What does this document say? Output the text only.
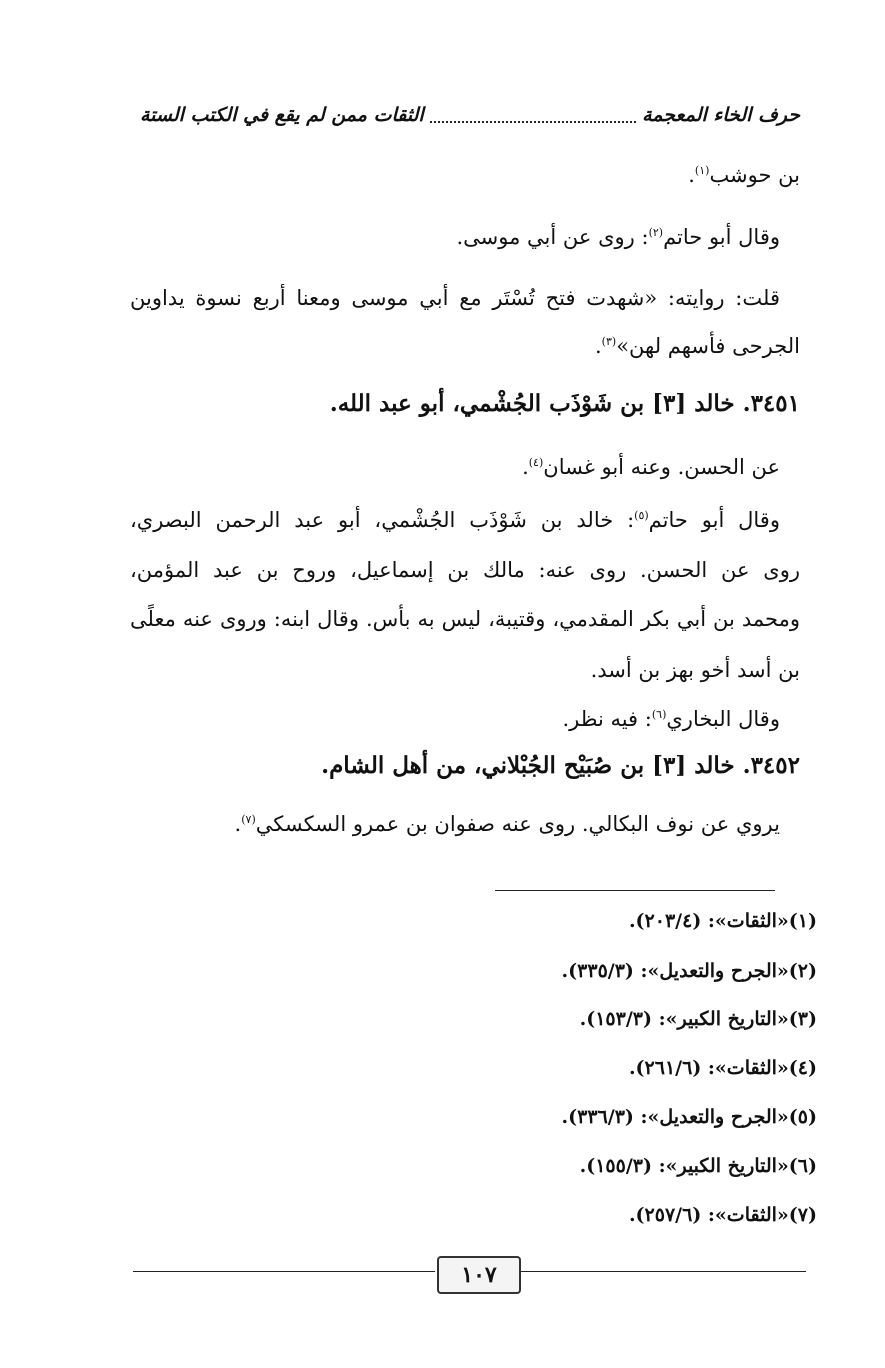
حرف الخاء المعجمة
الثقات ممن لم يقع في الكتب الستة
بن حوشب$^{(١)}$.
وقال أبو حاتم$^{(٢)}$: روى عن أبي موسى.
قلت: روايته: «شهدت فتح تُسْتَر مع أبي موسى ومعنا أربع نسوة يداوين
الجرحى فأسهم لهن»$^{(٣)}$.
٣٤٥١. خالد [٣] بن شَوْذَب الجُشْمي، أبو عبد الله.
عن الحسن. وعنه أبو غسان$^{(٤)}$.
وقال أبو حاتم$^{(٥)}$: خالد بن شَوْذَب الجُشْمي، أبو عبد الرحمن البصري،
روى عن الحسن. روى عنه: مالك بن إسماعيل، وروح بن عبد المؤمن،
ومحمد بن أبي بكر المقدمي، وقتيبة، ليس به بأس. وقال ابنه: وروى عنه معلًى
بن أسد أخو بهز بن أسد.
وقال البخاري$^{(٦)}$: فيه نظر.
٣٤٥٢. خالد [٣] بن صُبَيْح الجُبْلاني، من أهل الشام.
يروي عن نوف البكالي. روى عنه صفوان بن عمرو السكسكي$^{(٧)}$.
(١)«الثقات»: (٢٠٣/٤).
(٢)«الجرح والتعديل»: (٣٣٥/٣).
(٣)«التاريخ الكبير»: (١٥٣/٣).
(٤)«الثقات»: (٢٦١/٦).
(٥)«الجرح والتعديل»: (٣٣٦/٣).
(٦)«التاريخ الكبير»: (١٥٥/٣).
(٧)«الثقات»: (٢٥٧/٦).
١٠٧
